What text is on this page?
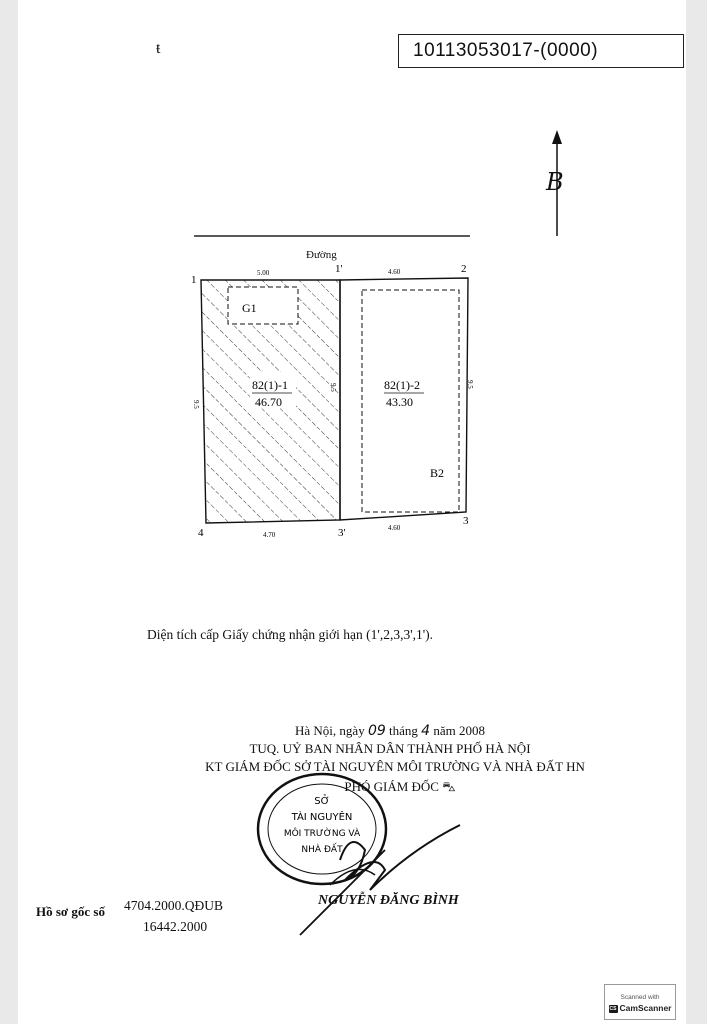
ŧ	10113053017-(0000)
B
Đường
1
1'	2
3
3'
4
5.00	4.60
4.70
4.60
9.5
9.5	9.5
G1
82(1)-1
46.70
82(1)-2
43.30
B2
Diện tích cấp Giấy chứng nhận giới hạn (1',2,3,3',1').
Hà Nội, ngày 09 tháng 4 năm 2008
TUQ. UỶ BAN NHÂN DÂN THÀNH PHỐ HÀ NỘI
KT GIÁM ĐỐC SỞ TÀI NGUYÊN MÔI TRƯỜNG VÀ NHÀ ĐẤT HN
PHÓ GIÁM ĐỐC ⛍
SỞ
TÀI NGUYÊN
MÔI TRƯỜNG VÀ
NHÀ ĐẤT
NGUYỄN ĐĂNG BÌNH
Hồ sơ gốc số 4704.2000.QĐUB
16442.2000
Scanned with
CS CamScanner
